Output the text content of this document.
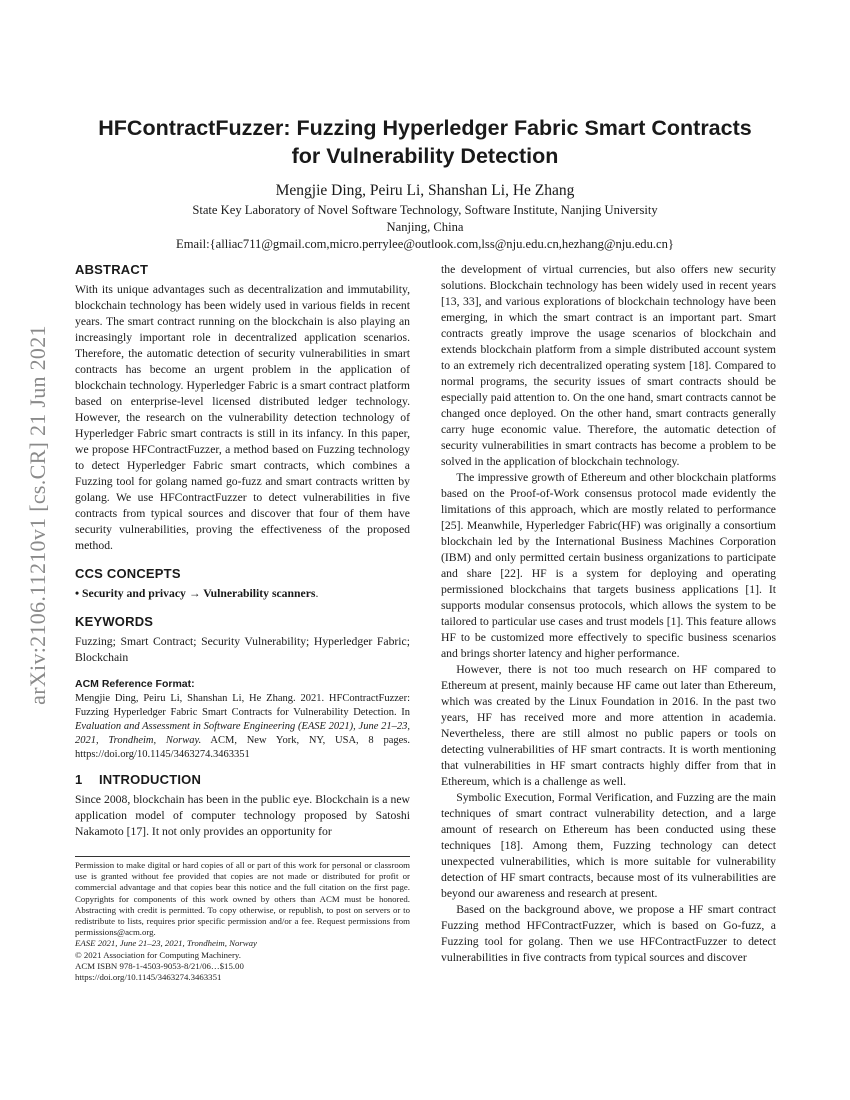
arXiv:2106.11210v1 [cs.CR] 21 Jun 2021
HFContractFuzzer: Fuzzing Hyperledger Fabric Smart Contracts
for Vulnerability Detection
Mengjie Ding, Peiru Li, Shanshan Li, He Zhang
State Key Laboratory of Novel Software Technology, Software Institute, Nanjing University
Nanjing, China
Email:{alliac711@gmail.com,micro.perrylee@outlook.com,lss@nju.edu.cn,hezhang@nju.edu.cn}
ABSTRACT

With its unique advantages such as decentralization and immutability, blockchain technology has been widely used in various fields in recent years. The smart contract running on the blockchain is also playing an increasingly important role in decentralized application scenarios. Therefore, the automatic detection of security vulnerabilities in smart contracts has become an urgent problem in the application of blockchain technology. Hyperledger Fabric is a smart contract platform based on enterprise-level licensed distributed ledger technology. However, the research on the vulnerability detection technology of Hyperledger Fabric smart contracts is still in its infancy. In this paper, we propose HFContractFuzzer, a method based on Fuzzing technology to detect Hyperledger Fabric smart contracts, which combines a Fuzzing tool for golang named go-fuzz and smart contracts written by golang. We use HFContractFuzzer to detect vulnerabilities in five contracts from typical sources and discover that four of them have security vulnerabilities, proving the effectiveness of the proposed method.

CCS CONCEPTS

• Security and privacy → Vulnerability scanners.

KEYWORDS

Fuzzing; Smart Contract; Security Vulnerability; Hyperledger Fabric; Blockchain

ACM Reference Format:

Mengjie Ding, Peiru Li, Shanshan Li, He Zhang. 2021. HFContractFuzzer: Fuzzing Hyperledger Fabric Smart Contracts for Vulnerability Detection. In Evaluation and Assessment in Software Engineering (EASE 2021), June 21–23, 2021, Trondheim, Norway. ACM, New York, NY, USA, 8 pages. https://doi.org/10.1145/3463274.3463351

1 INTRODUCTION

Since 2008, blockchain has been in the public eye. Blockchain is a new application model of computer technology proposed by Satoshi Nakamoto [17]. It not only provides an opportunity for

Permission to make digital or hard copies of all or part of this work for personal or classroom use is granted without fee provided that copies are not made or distributed for profit or commercial advantage and that copies bear this notice and the full citation on the first page. Copyrights for components of this work owned by others than ACM must be honored. Abstracting with credit is permitted. To copy otherwise, or republish, to post on servers or to redistribute to lists, requires prior specific permission and/or a fee. Request permissions from permissions@acm.org.
EASE 2021, June 21–23, 2021, Trondheim, Norway
© 2021 Association for Computing Machinery.
ACM ISBN 978-1-4503-9053-8/21/06…$15.00
https://doi.org/10.1145/3463274.3463351

the development of virtual currencies, but also offers new security solutions. Blockchain technology has been widely used in recent years [13, 33], and various explorations of blockchain technology have been emerging, in which the smart contract is an important part. Smart contracts greatly improve the usage scenarios of blockchain and extends blockchain platform from a simple distributed account system to an extremely rich decentralized operating system [18]. Compared to normal programs, the security issues of smart contracts should be especially paid attention to. On the one hand, smart contracts cannot be changed once deployed. On the other hand, smart contracts generally carry huge economic value. Therefore, the automatic detection of security vulnerabilities in smart contracts has become a problem to be solved in the application of blockchain technology.

The impressive growth of Ethereum and other blockchain platforms based on the Proof-of-Work consensus protocol made evidently the limitations of this approach, which are mostly related to performance [25]. Meanwhile, Hyperledger Fabric(HF) was originally a consortium blockchain led by the International Business Machines Corporation (IBM) and only permitted certain business organizations to participate and share [22]. HF is a system for deploying and operating permissioned blockchains that targets business applications [1]. It supports modular consensus protocols, which allows the system to be tailored to particular use cases and trust models [1]. This feature allows HF to be customized more effectively to specific business scenarios and brings shorter latency and higher performance.

However, there is not too much research on HF compared to Ethereum at present, mainly because HF came out later than Ethereum, which was created by the Linux Foundation in 2016. In the past two years, HF has received more and more attention in academia. Nevertheless, there are still almost no public papers or tools on detecting vulnerabilities of HF smart contracts. It is worth mentioning that vulnerabilities in HF smart contracts highly differ from that in Ethereum, which is a challenge as well.

Symbolic Execution, Formal Verification, and Fuzzing are the main techniques of smart contract vulnerability detection, and a large amount of research on Ethereum has been conducted using these techniques [18]. Among them, Fuzzing technology can detect unexpected vulnerabilities, which is more suitable for vulnerability detection of HF smart contracts, because most of its vulnerabilities are beyond our awareness and research at present.

Based on the background above, we propose a HF smart contract Fuzzing method HFContractFuzzer, which is based on Go-fuzz, a Fuzzing tool for golang. Then we use HFContractFuzzer to detect vulnerabilities in five contracts from typical sources and discover
